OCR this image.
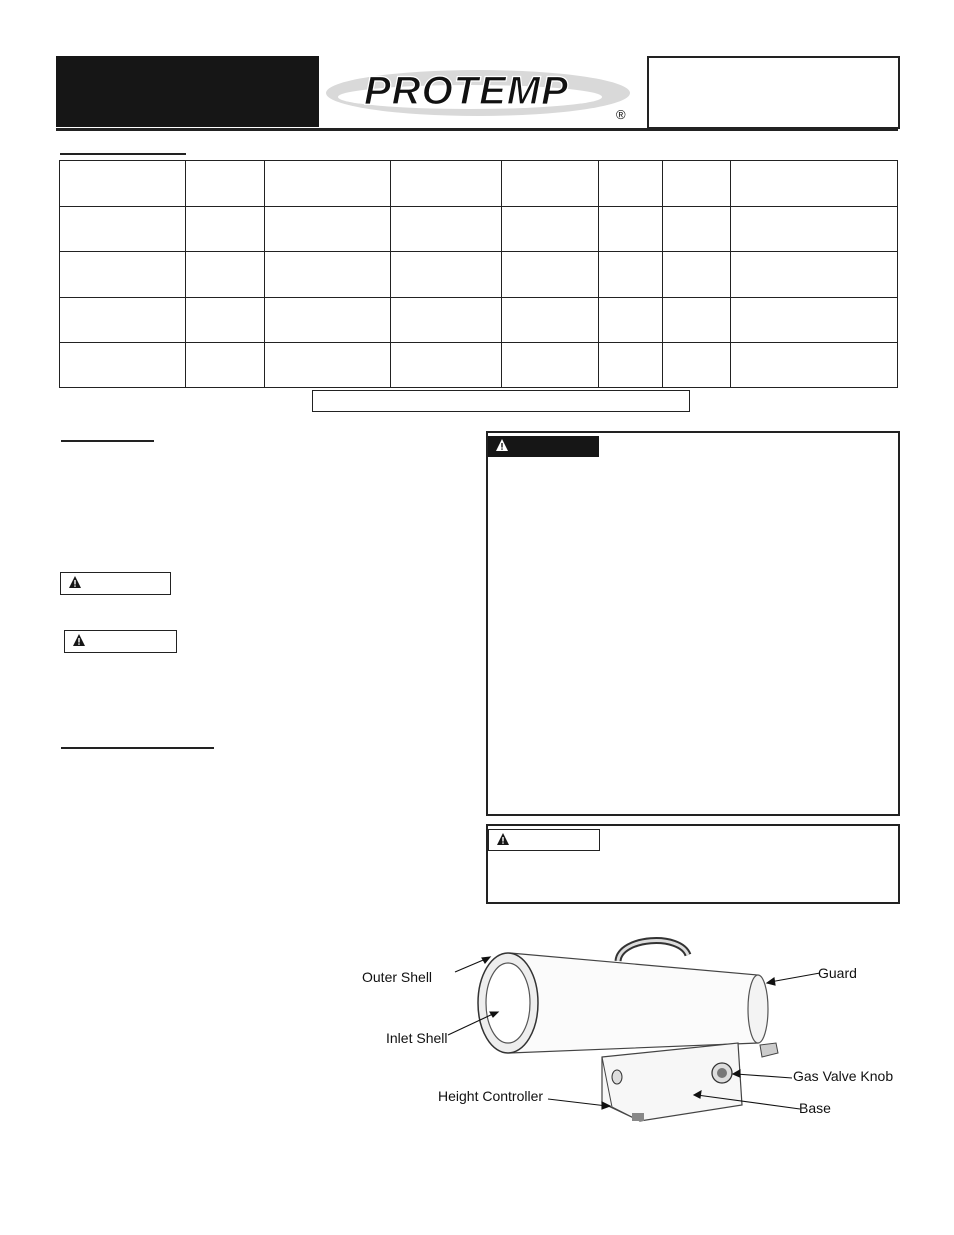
PROTEMP
®

Outer Shell
Inlet Shell
Height Controller
Guard
Gas Valve Knob
Base
